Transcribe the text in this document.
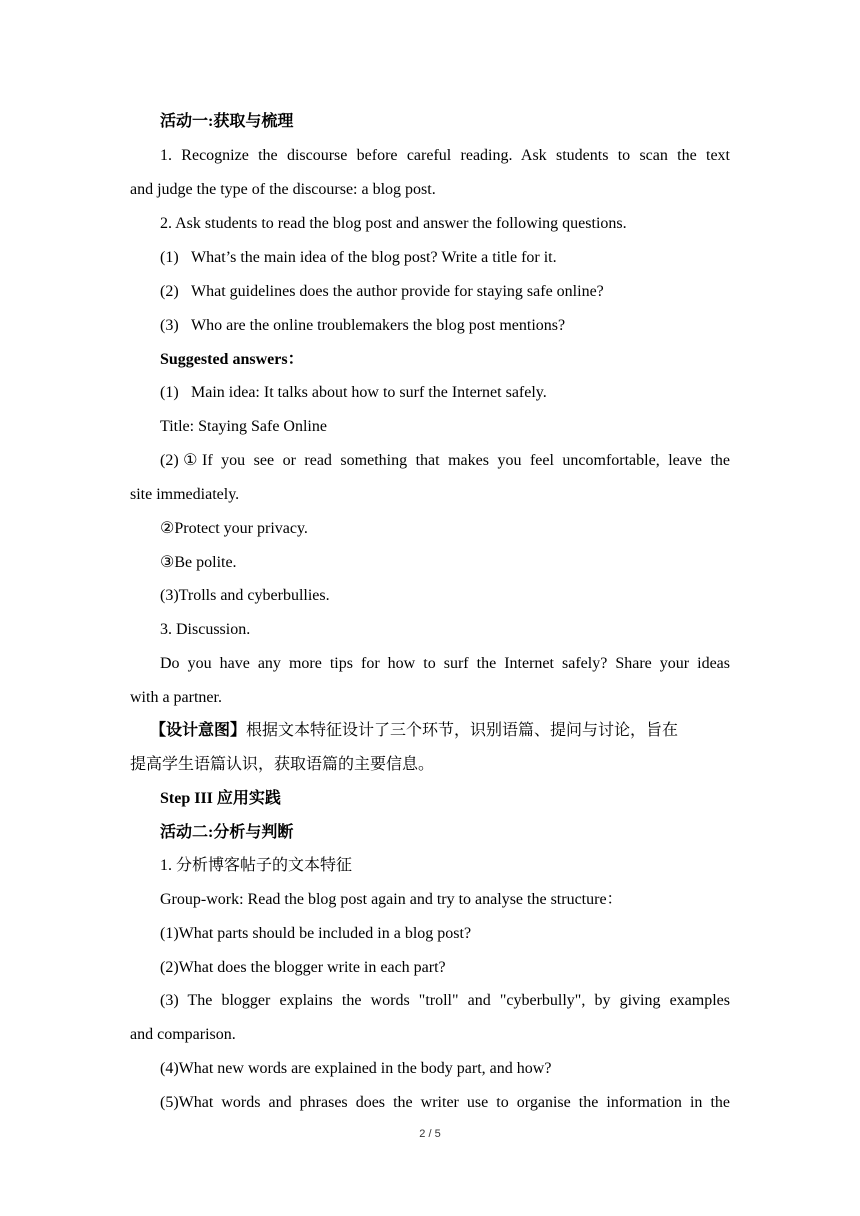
活动一:获取与梳理
1. Recognize the discourse before careful reading. Ask students to scan the text
and judge the type of the discourse: a blog post.
2. Ask students to read the blog post and answer the following questions.
(1) What’s the main idea of the blog post? Write a title for it.
(2) What guidelines does the author provide for staying safe online?
(3) Who are the online troublemakers the blog post mentions?
Suggested answers：
(1) Main idea: It talks about how to surf the Internet safely.
Title: Staying Safe Online
(2)①If you see or read something that makes you feel uncomfortable, leave the
site immediately.
②Protect your privacy.
③Be polite.
(3)Trolls and cyberbullies.
3. Discussion.
Do you have any more tips for how to surf the Internet safely? Share your ideas
with a partner.
【设计意图】根据文本特征设计了三个环节，识别语篇、提问与讨论，旨在
提高学生语篇认识，获取语篇的主要信息。
Step III 应用实践
活动二:分析与判断
1. 分析博客帖子的文本特征
Group-work: Read the blog post again and try to analyse the structure：
(1)What parts should be included in a blog post?
(2)What does the blogger write in each part?
(3) The blogger explains the words "troll" and "cyberbully", by giving examples
and comparison.
(4)What new words are explained in the body part, and how?
(5)What words and phrases does the writer use to organise the information in the
2 / 5
